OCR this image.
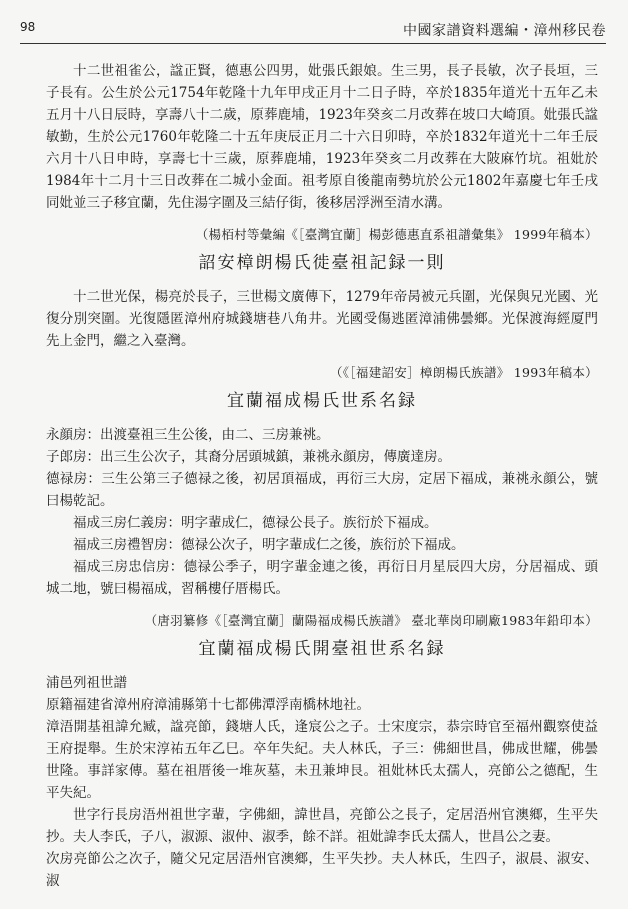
98	中國家譜資料選編・漳州移民卷

十二世祖雀公，諡正賢，德惠公四男，妣張氏銀娘。生三男，長子長敏，次子長垣，三子長有。公生於公元1754年乾隆十九年甲戌正月十二日子時，卒於1835年道光十五年乙未五月十八日辰時，享壽八十二歲，原葬鹿埔，1923年癸亥二月改葬在坡口大崎頂。妣張氏諡敏勤，生於公元1760年乾隆二十五年庚辰正月二十六日卯時，卒於1832年道光十二年壬辰六月十八日申時，享壽七十三歲，原葬鹿埔，1923年癸亥二月改葬在大陂麻竹坑。祖妣於1984年十二月十三日改葬在二城小金面。祖考原自後龍南勢坑於公元1802年嘉慶七年壬戌同妣並三子移宜蘭，先住湯字圍及三結仔街，後移居浮洲至清水溝。

（楊栢村等彙編《［臺灣宜蘭］楊彭德惠直系祖譜彙集》 1999年稿本）

詔安樟朗楊氏徙臺祖記録一則

十二世光保，楊亮於長子，三世楊文廣傳下，1279年帝昺被元兵圍，光保與兄光國、光復分別突圍。光復隱匿漳州府城錢塘巷八角井。光國受傷逃匿漳浦佛曇鄉。光保渡海經厦門先上金門，繼之入臺灣。

（《［福建詔安］樟朗楊氏族譜》 1993年稿本）

宜蘭福成楊氏世系名録

永顔房：出渡臺祖三生公後，由二、三房兼祧。

子郎房：出三生公次子，其裔分居頭城鎮，兼祧永顔房，傳廣達房。

德禄房：三生公第三子德禄之後，初居頂福成，再衍三大房，定居下福成，兼祧永顔公，號曰楊乾記。

福成三房仁義房：明字輩成仁，德禄公長子。族衍於下福成。

福成三房禮智房：德禄公次子，明字輩成仁之後，族衍於下福成。

福成三房忠信房：德禄公季子，明字輩金連之後，再衍日月星辰四大房，分居福成、頭城二地，號曰楊福成，習稱樓仔厝楊氏。

（唐羽纂修《［臺灣宜蘭］蘭陽福成楊氏族譜》 臺北華岗印刷廠1983年鉛印本）

宜蘭福成楊氏開臺祖世系名録

浦邑列祖世譜

原籍福建省漳州府漳浦縣第十七都佛潭浮南橋林地社。

漳浯開基祖諱允臧，諡亮節，錢塘人氏，逢宸公之子。士宋度宗，恭宗時官至福州觀察使益王府提舉。生於宋淳祐五年乙巳。卒年失紀。夫人林氏，子三：佛細世昌，佛成世耀，佛曇世隆。事詳家傳。墓在祖厝後一堆灰墓，未丑兼坤艮。祖妣林氏太孺人，亮節公之德配，生平失紀。

世字行長房浯州祖世字輩，字佛細，諱世昌，亮節公之長子，定居浯州官澳鄉，生平失抄。夫人李氏，子八，淑源、淑仲、淑季，餘不詳。祖妣諱李氏太孺人，世昌公之妻。

次房亮節公之次子，隨父兄定居浯州官澳鄉，生平失抄。夫人林氏，生四子，淑晨、淑安、淑
